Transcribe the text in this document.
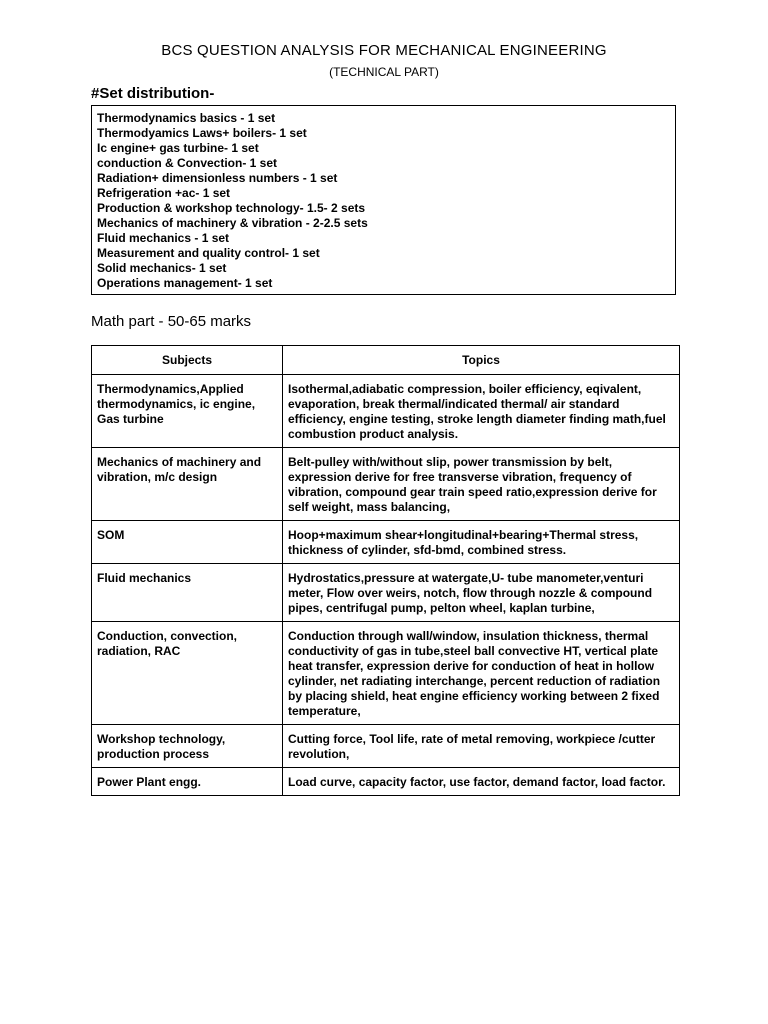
BCS QUESTION ANALYSIS FOR MECHANICAL ENGINEERING
(TECHNICAL PART)
#Set distribution-
Thermodynamics basics - 1 set
Thermodyamics Laws+ boilers- 1 set
Ic engine+ gas turbine- 1 set
conduction & Convection- 1 set
Radiation+ dimensionless numbers - 1 set
Refrigeration +ac- 1 set
Production & workshop technology- 1.5- 2 sets
Mechanics of machinery & vibration - 2-2.5 sets
Fluid mechanics - 1 set
Measurement and quality control- 1 set
Solid mechanics- 1 set
Operations management- 1 set
Math part - 50-65 marks
Subjects	Topics
Thermodynamics,Applied thermodynamics, ic engine, Gas turbine	Isothermal,adiabatic compression, boiler efficiency, eqivalent, evaporation, break thermal/indicated thermal/ air standard efficiency, engine testing, stroke length diameter finding math,fuel combustion product analysis.
Mechanics of machinery and vibration, m/c design	Belt-pulley with/without slip, power transmission by belt, expression derive for free transverse vibration, frequency of vibration, compound gear train speed ratio,expression derive for self weight, mass balancing,
SOM	Hoop+maximum shear+longitudinal+bearing+Thermal stress, thickness of cylinder, sfd-bmd, combined stress.
Fluid mechanics	Hydrostatics,pressure at watergate,U- tube manometer,venturi meter, Flow over weirs, notch, flow through nozzle & compound pipes, centrifugal pump, pelton wheel, kaplan turbine,
Conduction, convection, radiation, RAC	Conduction through wall/window, insulation thickness, thermal conductivity of gas in tube,steel ball convective HT, vertical plate heat transfer, expression derive for conduction of heat in hollow cylinder, net radiating interchange, percent reduction of radiation by placing shield, heat engine efficiency working between 2 fixed temperature,
Workshop technology, production process	Cutting force, Tool life, rate of metal removing, workpiece /cutter revolution,
Power Plant engg.	Load curve, capacity factor, use factor, demand factor, load factor.
